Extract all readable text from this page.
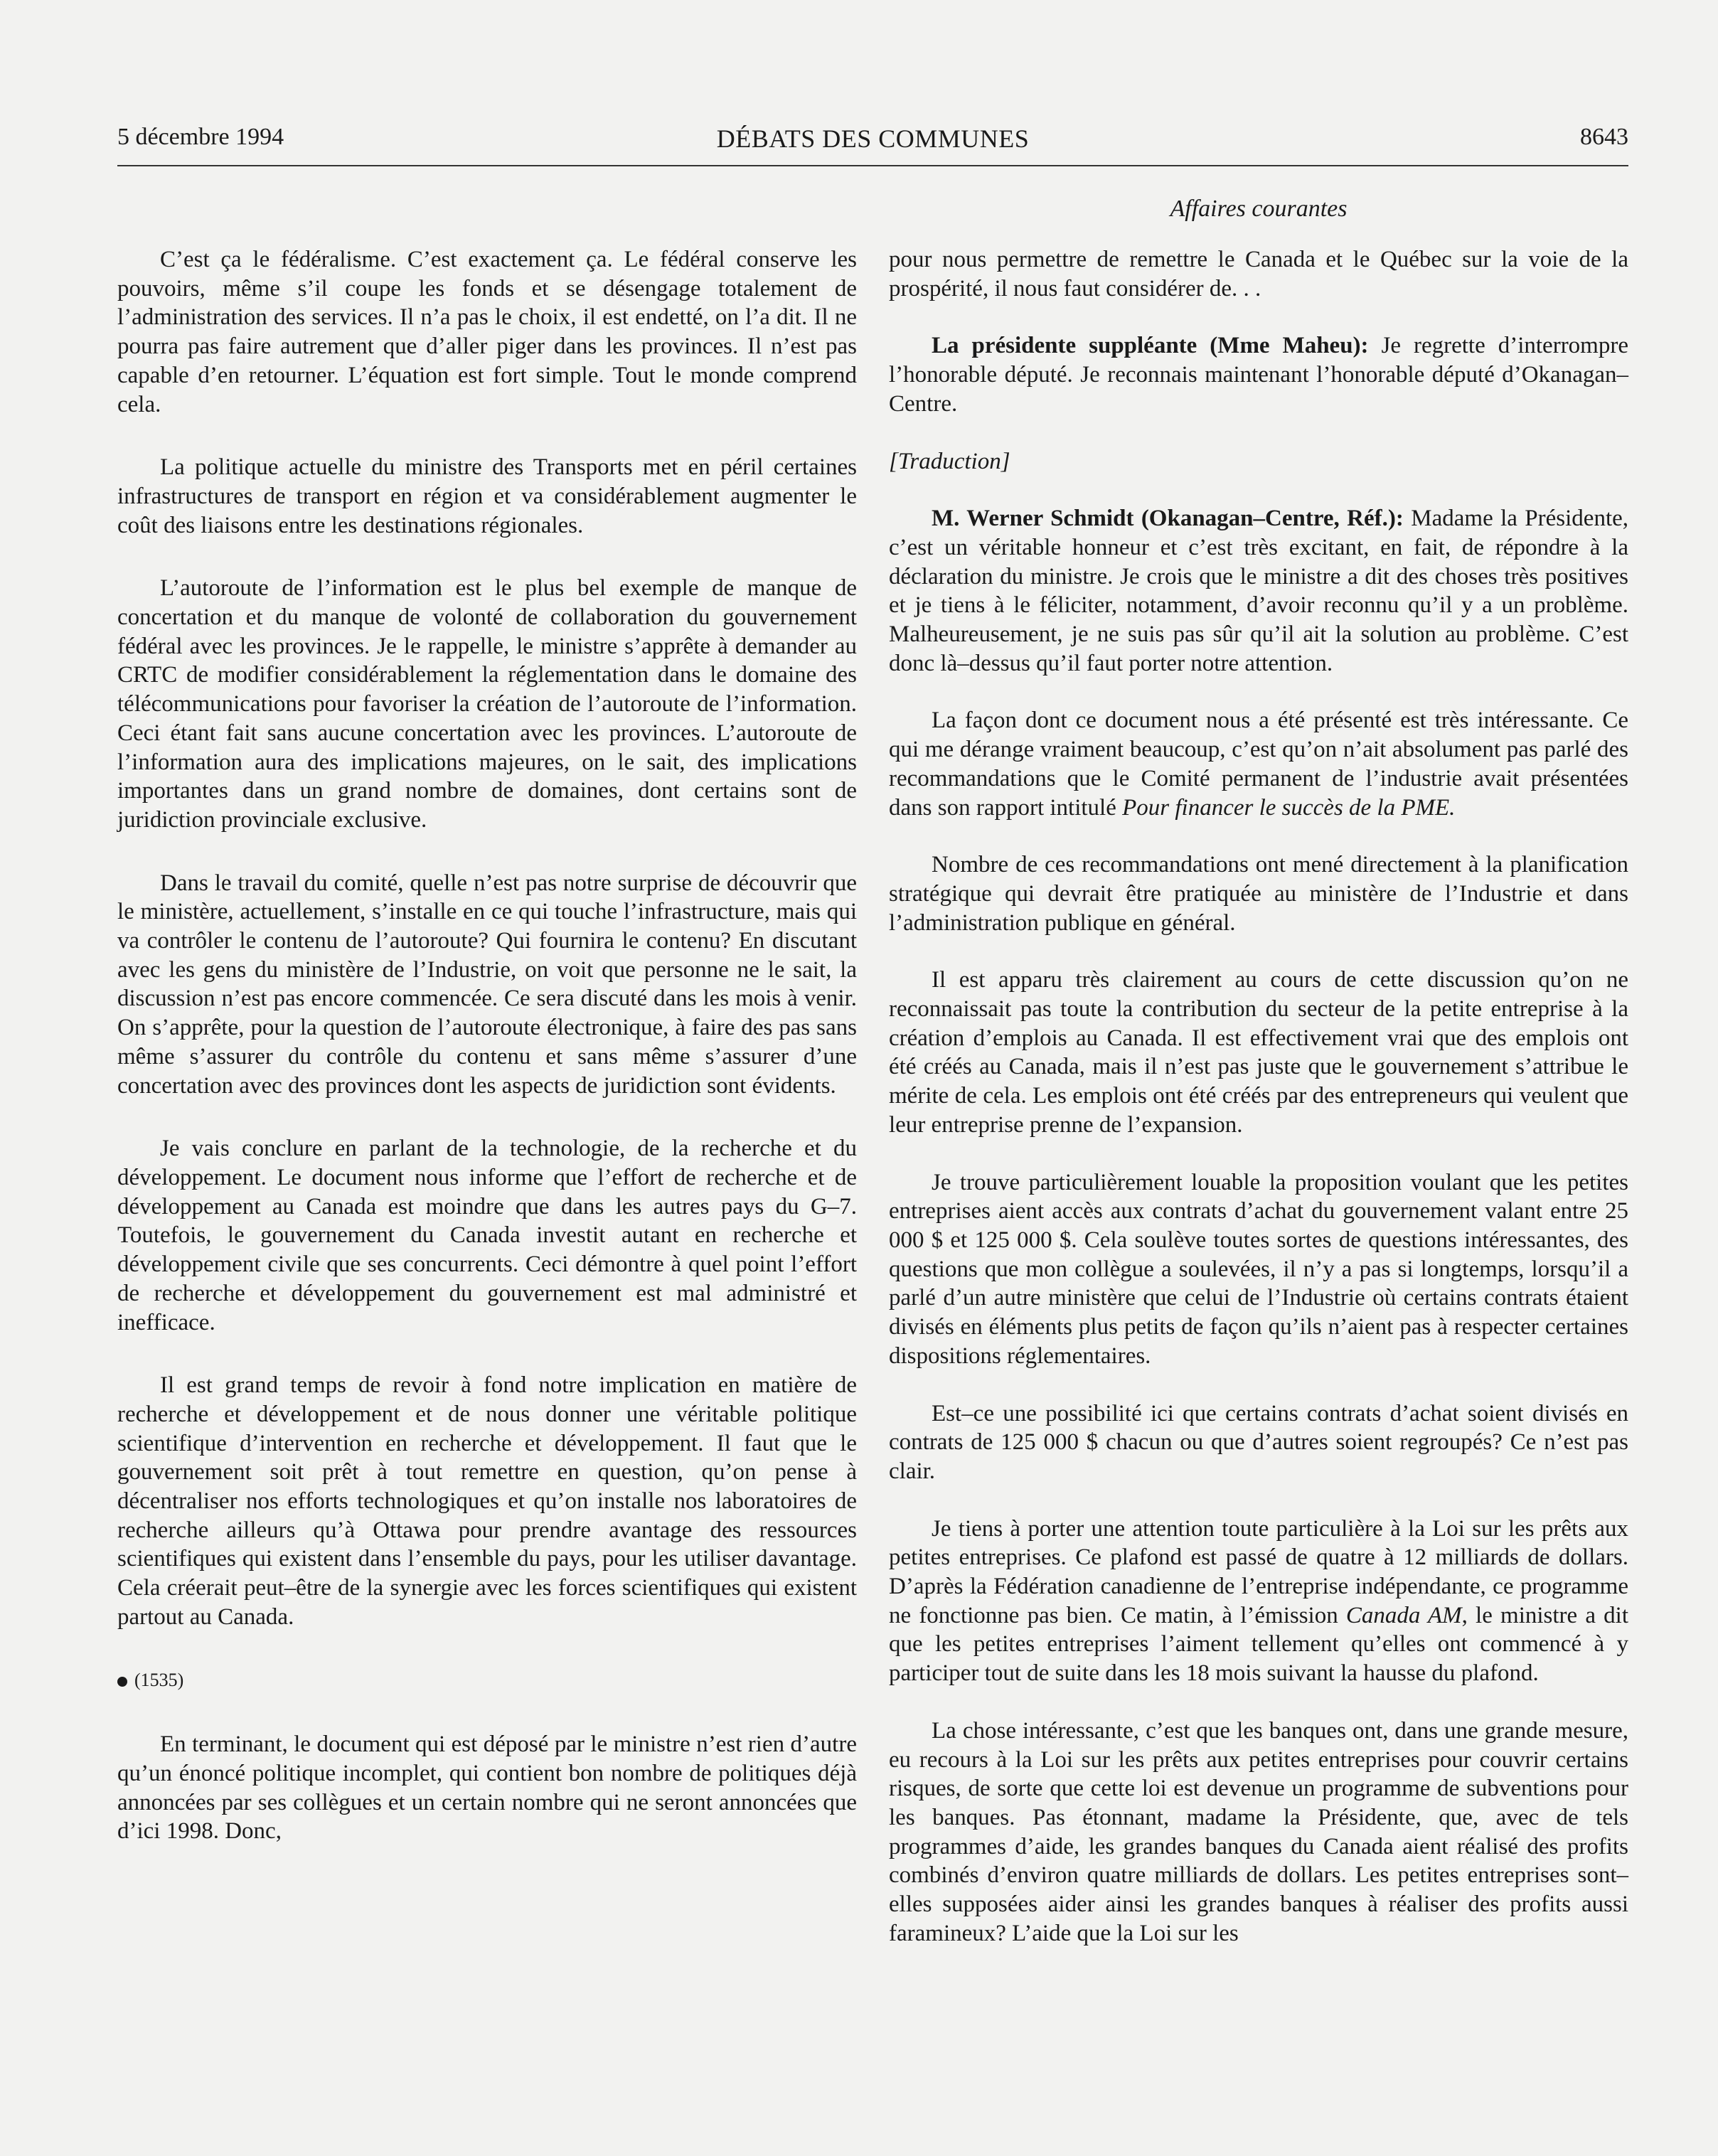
5 décembre 1994	DÉBATS DES COMMUNES	8643
Affaires courantes

C’est ça le fédéralisme. C’est exactement ça. Le fédéral conserve les pouvoirs, même s’il coupe les fonds et se désengage totalement de l’administration des services. Il n’a pas le choix, il est endetté, on l’a dit. Il ne pourra pas faire autrement que d’aller piger dans les provinces. Il n’est pas capable d’en retourner. L’équation est fort simple. Tout le monde comprend cela.

La politique actuelle du ministre des Transports met en péril certaines infrastructures de transport en région et va considérablement augmenter le coût des liaisons entre les destinations régionales.

L’autoroute de l’information est le plus bel exemple de manque de concertation et du manque de volonté de collaboration du gouvernement fédéral avec les provinces. Je le rappelle, le ministre s’apprête à demander au CRTC de modifier considérablement la réglementation dans le domaine des télécommunications pour favoriser la création de l’autoroute de l’information. Ceci étant fait sans aucune concertation avec les provinces. L’autoroute de l’information aura des implications majeures, on le sait, des implications importantes dans un grand nombre de domaines, dont certains sont de juridiction provinciale exclusive.

Dans le travail du comité, quelle n’est pas notre surprise de découvrir que le ministère, actuellement, s’installe en ce qui touche l’infrastructure, mais qui va contrôler le contenu de l’autoroute? Qui fournira le contenu? En discutant avec les gens du ministère de l’Industrie, on voit que personne ne le sait, la discussion n’est pas encore commencée. Ce sera discuté dans les mois à venir. On s’apprête, pour la question de l’autoroute électronique, à faire des pas sans même s’assurer du contrôle du contenu et sans même s’assurer d’une concertation avec des provinces dont les aspects de juridiction sont évidents.

Je vais conclure en parlant de la technologie, de la recherche et du développement. Le document nous informe que l’effort de recherche et de développement au Canada est moindre que dans les autres pays du G–7. Toutefois, le gouvernement du Canada investit autant en recherche et développement civile que ses concurrents. Ceci démontre à quel point l’effort de recherche et développement du gouvernement est mal administré et inefficace.

Il est grand temps de revoir à fond notre implication en matière de recherche et développement et de nous donner une véritable politique scientifique d’intervention en recherche et développement. Il faut que le gouvernement soit prêt à tout remettre en question, qu’on pense à décentraliser nos efforts technologiques et qu’on installe nos laboratoires de recherche ailleurs qu’à Ottawa pour prendre avantage des ressources scientifiques qui existent dans l’ensemble du pays, pour les utiliser davantage. Cela créerait peut–être de la synergie avec les forces scientifiques qui existent partout au Canada.

(1535)

En terminant, le document qui est déposé par le ministre n’est rien d’autre qu’un énoncé politique incomplet, qui contient bon nombre de politiques déjà annoncées par ses collègues et un certain nombre qui ne seront annoncées que d’ici 1998. Donc,

pour nous permettre de remettre le Canada et le Québec sur la voie de la prospérité, il nous faut considérer de. . .

La présidente suppléante (Mme Maheu): Je regrette d’interrompre l’honorable député. Je reconnais maintenant l’honorable député d’Okanagan–Centre.

[Traduction]

M. Werner Schmidt (Okanagan–Centre, Réf.): Madame la Présidente, c’est un véritable honneur et c’est très excitant, en fait, de répondre à la déclaration du ministre. Je crois que le ministre a dit des choses très positives et je tiens à le féliciter, notamment, d’avoir reconnu qu’il y a un problème. Malheureusement, je ne suis pas sûr qu’il ait la solution au problème. C’est donc là–dessus qu’il faut porter notre attention.

La façon dont ce document nous a été présenté est très intéressante. Ce qui me dérange vraiment beaucoup, c’est qu’on n’ait absolument pas parlé des recommandations que le Comité permanent de l’industrie avait présentées dans son rapport intitulé Pour financer le succès de la PME.

Nombre de ces recommandations ont mené directement à la planification stratégique qui devrait être pratiquée au ministère de l’Industrie et dans l’administration publique en général.

Il est apparu très clairement au cours de cette discussion qu’on ne reconnaissait pas toute la contribution du secteur de la petite entreprise à la création d’emplois au Canada. Il est effectivement vrai que des emplois ont été créés au Canada, mais il n’est pas juste que le gouvernement s’attribue le mérite de cela. Les emplois ont été créés par des entrepreneurs qui veulent que leur entreprise prenne de l’expansion.

Je trouve particulièrement louable la proposition voulant que les petites entreprises aient accès aux contrats d’achat du gouvernement valant entre 25 000 $ et 125 000 $. Cela soulève toutes sortes de questions intéressantes, des questions que mon collègue a soulevées, il n’y a pas si longtemps, lorsqu’il a parlé d’un autre ministère que celui de l’Industrie où certains contrats étaient divisés en éléments plus petits de façon qu’ils n’aient pas à respecter certaines dispositions réglementaires.

Est–ce une possibilité ici que certains contrats d’achat soient divisés en contrats de 125 000 $ chacun ou que d’autres soient regroupés? Ce n’est pas clair.

Je tiens à porter une attention toute particulière à la Loi sur les prêts aux petites entreprises. Ce plafond est passé de quatre à 12 milliards de dollars. D’après la Fédération canadienne de l’entreprise indépendante, ce programme ne fonctionne pas bien. Ce matin, à l’émission Canada AM, le ministre a dit que les petites entreprises l’aiment tellement qu’elles ont commencé à y participer tout de suite dans les 18 mois suivant la hausse du plafond.

La chose intéressante, c’est que les banques ont, dans une grande mesure, eu recours à la Loi sur les prêts aux petites entreprises pour couvrir certains risques, de sorte que cette loi est devenue un programme de subventions pour les banques. Pas étonnant, madame la Présidente, que, avec de tels programmes d’aide, les grandes banques du Canada aient réalisé des profits combinés d’environ quatre milliards de dollars. Les petites entreprises sont–elles supposées aider ainsi les grandes banques à réaliser des profits aussi faramineux? L’aide que la Loi sur les
